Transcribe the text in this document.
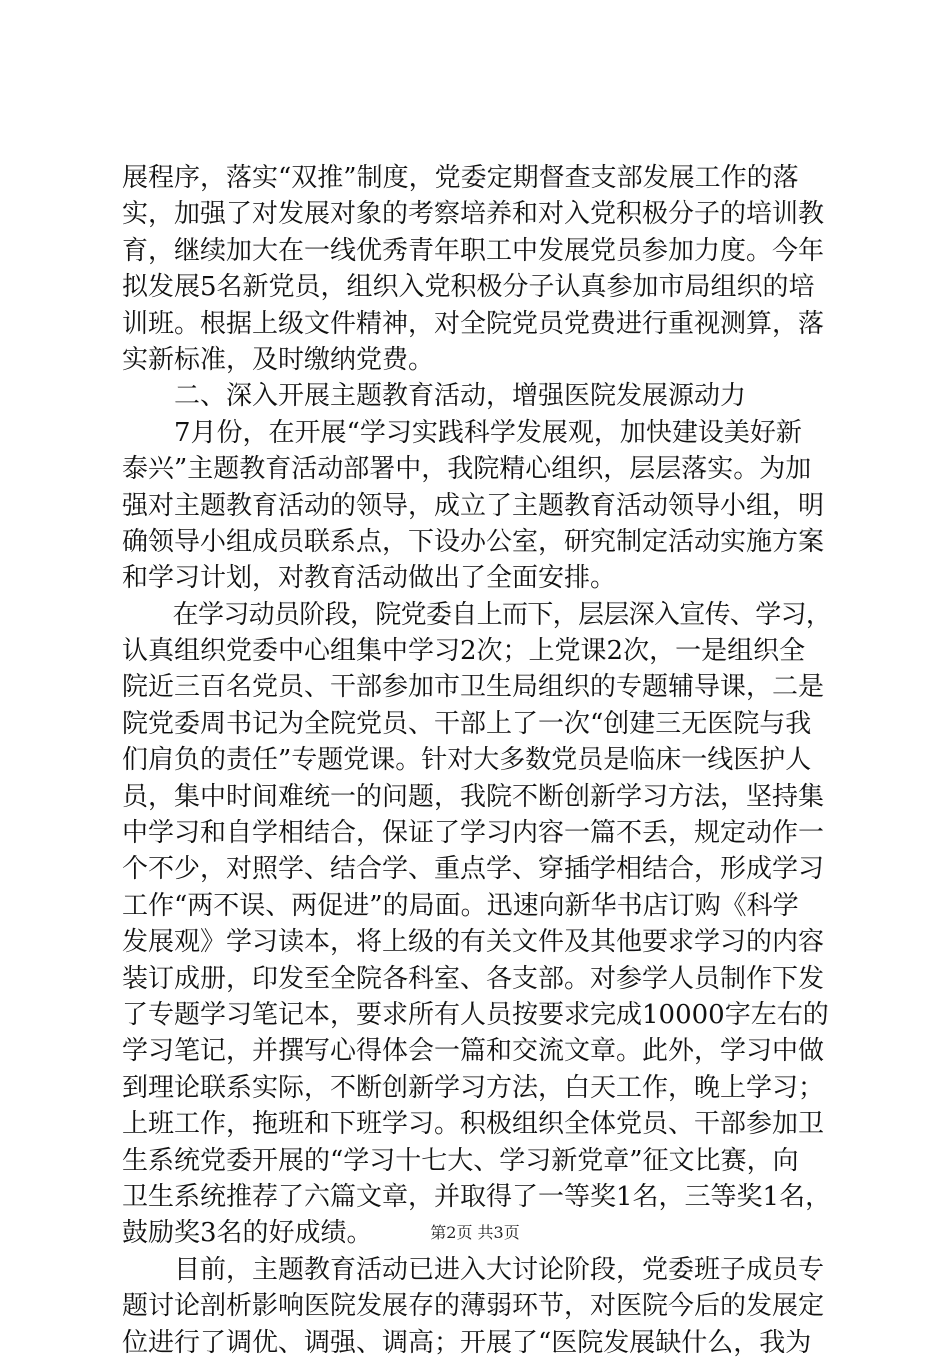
展程序，落实“双推”制度，党委定期督查支部发展工作的落
实，加强了对发展对象的考察培养和对入党积极分子的培训教
育，继续加大在一线优秀青年职工中发展党员参加力度。今年
拟发展5名新党员，组织入党积极分子认真参加市局组织的培
训班。根据上级文件精神，对全院党员党费进行重视测算，落
实新标准，及时缴纳党费。
　　二、深入开展主题教育活动，增强医院发展源动力
　　7月份，在开展“学习实践科学发展观，加快建设美好新
泰兴”主题教育活动部署中，我院精心组织，层层落实。为加
强对主题教育活动的领导，成立了主题教育活动领导小组，明
确领导小组成员联系点，下设办公室，研究制定活动实施方案
和学习计划，对教育活动做出了全面安排。
　　在学习动员阶段，院党委自上而下，层层深入宣传、学习，
认真组织党委中心组集中学习2次；上党课2次，一是组织全
院近三百名党员、干部参加市卫生局组织的专题辅导课，二是
院党委周书记为全院党员、干部上了一次“创建三无医院与我
们肩负的责任”专题党课。针对大多数党员是临床一线医护人
员，集中时间难统一的问题，我院不断创新学习方法，坚持集
中学习和自学相结合，保证了学习内容一篇不丢，规定动作一
个不少，对照学、结合学、重点学、穿插学相结合，形成学习
工作“两不误、两促进”的局面。迅速向新华书店订购《科学
发展观》学习读本，将上级的有关文件及其他要求学习的内容
装订成册，印发至全院各科室、各支部。对参学人员制作下发
了专题学习笔记本，要求所有人员按要求完成10000字左右的
学习笔记，并撰写心得体会一篇和交流文章。此外，学习中做
到理论联系实际，不断创新学习方法，白天工作，晚上学习；
上班工作，拖班和下班学习。积极组织全体党员、干部参加卫
生系统党委开展的“学习十七大、学习新党章”征文比赛，向
卫生系统推荐了六篇文章，并取得了一等奖1名，三等奖1名，
鼓励奖3名的好成绩。
　　目前，主题教育活动已进入大讨论阶段，党委班子成员专
题讨论剖析影响医院发展存的薄弱环节，对医院今后的发展定
位进行了调优、调强、调高；开展了“医院发展缺什么，我为
第2页 共3页
